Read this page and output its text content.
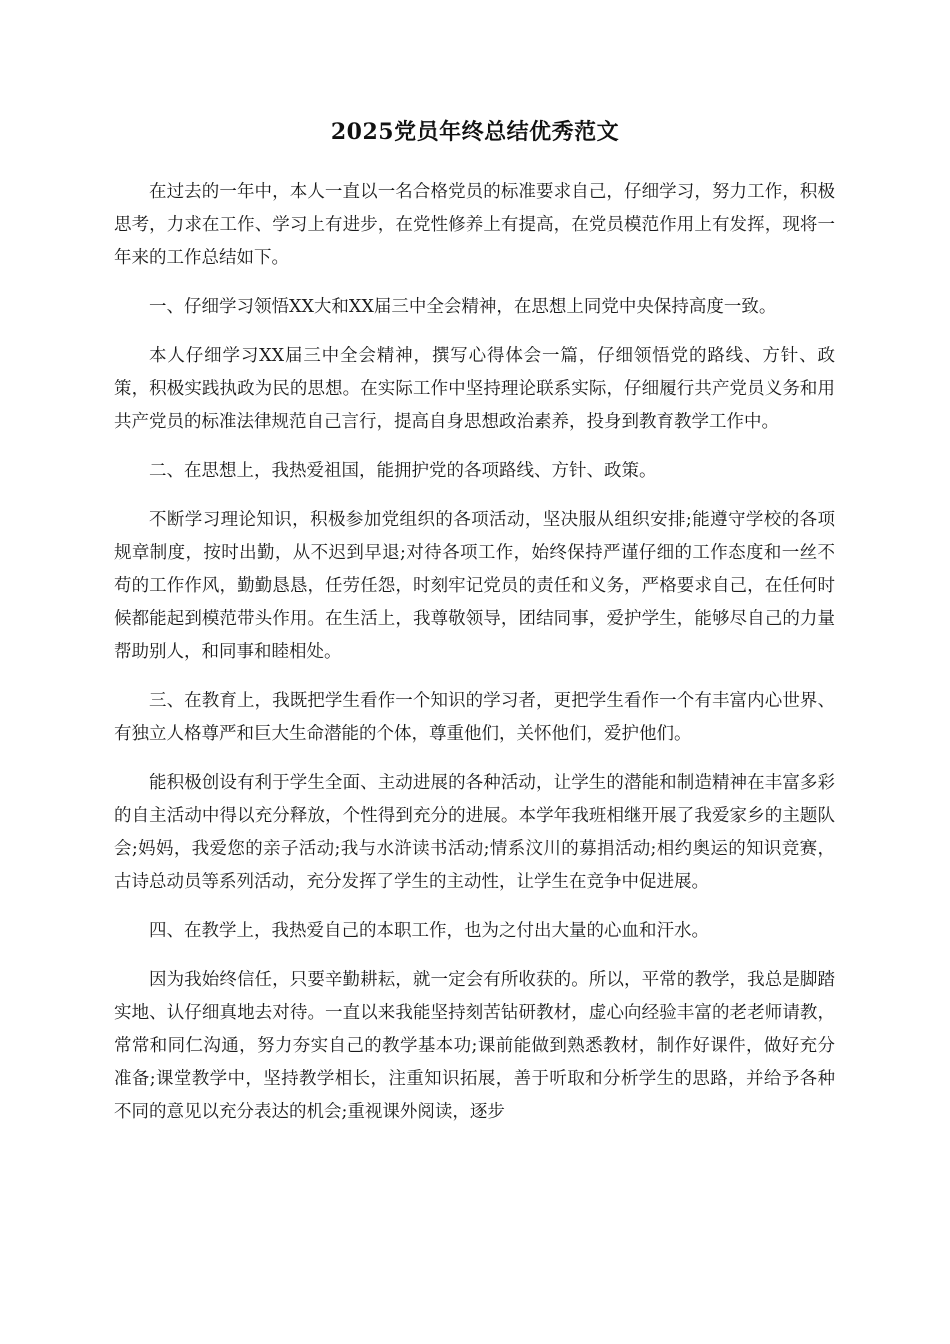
2025党员年终总结优秀范文

在过去的一年中，本人一直以一名合格党员的标准要求自己，仔细学习，努力工作，积极思考，力求在工作、学习上有进步，在党性修养上有提高，在党员模范作用上有发挥，现将一年来的工作总结如下。

一、仔细学习领悟XX大和XX届三中全会精神，在思想上同党中央保持高度一致。

本人仔细学习XX届三中全会精神，撰写心得体会一篇，仔细领悟党的路线、方针、政策，积极实践执政为民的思想。在实际工作中坚持理论联系实际，仔细履行共产党员义务和用共产党员的标准法律规范自己言行，提高自身思想政治素养，投身到教育教学工作中。

二、在思想上，我热爱祖国，能拥护党的各项路线、方针、政策。

不断学习理论知识，积极参加党组织的各项活动，坚决服从组织安排;能遵守学校的各项规章制度，按时出勤，从不迟到早退;对待各项工作，始终保持严谨仔细的工作态度和一丝不苟的工作作风，勤勤恳恳，任劳任怨，时刻牢记党员的责任和义务，严格要求自己，在任何时候都能起到模范带头作用。在生活上，我尊敬领导，团结同事，爱护学生，能够尽自己的力量帮助别人，和同事和睦相处。

三、在教育上，我既把学生看作一个知识的学习者，更把学生看作一个有丰富内心世界、有独立人格尊严和巨大生命潜能的个体，尊重他们，关怀他们，爱护他们。

能积极创设有利于学生全面、主动进展的各种活动，让学生的潜能和制造精神在丰富多彩的自主活动中得以充分释放，个性得到充分的进展。本学年我班相继开展了我爱家乡的主题队会;妈妈，我爱您的亲子活动;我与水浒读书活动;情系汶川的募捐活动;相约奥运的知识竞赛，古诗总动员等系列活动，充分发挥了学生的主动性，让学生在竞争中促进展。

四、在教学上，我热爱自己的本职工作，也为之付出大量的心血和汗水。

因为我始终信任，只要辛勤耕耘，就一定会有所收获的。所以，平常的教学，我总是脚踏实地、认仔细真地去对待。一直以来我能坚持刻苦钻研教材，虚心向经验丰富的老老师请教，常常和同仁沟通，努力夯实自己的教学基本功;课前能做到熟悉教材，制作好课件，做好充分准备;课堂教学中，坚持教学相长，注重知识拓展，善于听取和分析学生的思路，并给予各种不同的意见以充分表达的机会;重视课外阅读，逐步
